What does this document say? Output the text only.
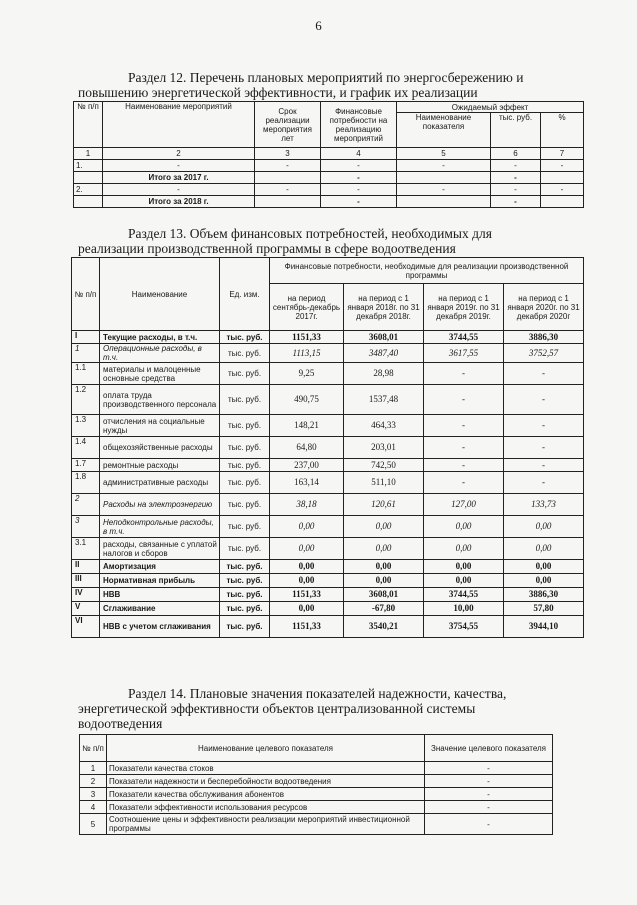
6
Раздел 12. Перечень плановых мероприятий по энергосбережению и
повышению энергетической эффективности, и график их реализации
№ п/п	Наименование мероприятий	Срок реализации мероприятия лет	Финансовые потребности на реализацию мероприятий	Ожидаемый эффект		
				Наименование показателя	тыс. руб.	%
1	2	3	4	5	6	7
1.	-	-	-	-	-	-
	Итого за 2017 г.		-		-	
2.	-	-	-	-	-	-
	Итого за 2018 г.		-		-	
Раздел 13. Объем финансовых потребностей, необходимых для
реализации производственной программы в сфере водоотведения
№ п/п	Наименование	Ед. изм.	Финансовые потребности, необходимые для реализации производственной программы			
			на период сентябрь-декабрь 2017г.	на период с 1 января 2018г. по 31 декабря 2018г.	на период с 1 января 2019г. по 31 декабря 2019г.	на период с 1 января 2020г. по 31 декабря 2020г
I	Текущие расходы, в т.ч.	тыс. руб.	1151,33	3608,01	3744,55	3886,30
1	Операционные расходы, в т.ч.	тыс. руб.	1113,15	3487,40	3617,55	3752,57
1.1	материалы и малоценные основные средства	тыс. руб.	9,25	28,98	-	-
1.2	оплата труда производственного персонала	тыс. руб.	490,75	1537,48	-	-
1.3	отчисления на социальные нужды	тыс. руб.	148,21	464,33	-	-
1.4	общехозяйственные расходы	тыс. руб.	64,80	203,01	-	-
1.7	ремонтные расходы	тыс. руб.	237,00	742,50	-	-
1.8	административные расходы	тыс. руб.	163,14	511,10	-	-
2	Расходы на электроэнергию	тыс. руб.	38,18	120,61	127,00	133,73
3	Неподконтрольные расходы, в т.ч.	тыс. руб.	0,00	0,00	0,00	0,00
3.1	расходы, связанные с уплатой налогов и сборов	тыс. руб.	0,00	0,00	0,00	0,00
II	Амортизация	тыс. руб.	0,00	0,00	0,00	0,00
III	Нормативная прибыль	тыс. руб.	0,00	0,00	0,00	0,00
IV	НВВ	тыс. руб.	1151,33	3608,01	3744,55	3886,30
V	Сглаживание	тыс. руб.	0,00	-67,80	10,00	57,80
VI	НВВ с учетом сглаживания	тыс. руб.	1151,33	3540,21	3754,55	3944,10
Раздел 14. Плановые значения показателей надежности, качества,
энергетической эффективности объектов централизованной системы
водоотведения
№ п/п	Наименование целевого показателя	Значение целевого показателя
1	Показатели качества стоков	-
2	Показатели надежности и бесперебойности водоотведения	-
3	Показатели качества обслуживания абонентов	-
4	Показатели эффективности использования ресурсов	-
5	Соотношение цены и эффективности реализации мероприятий инвестиционной программы	-
